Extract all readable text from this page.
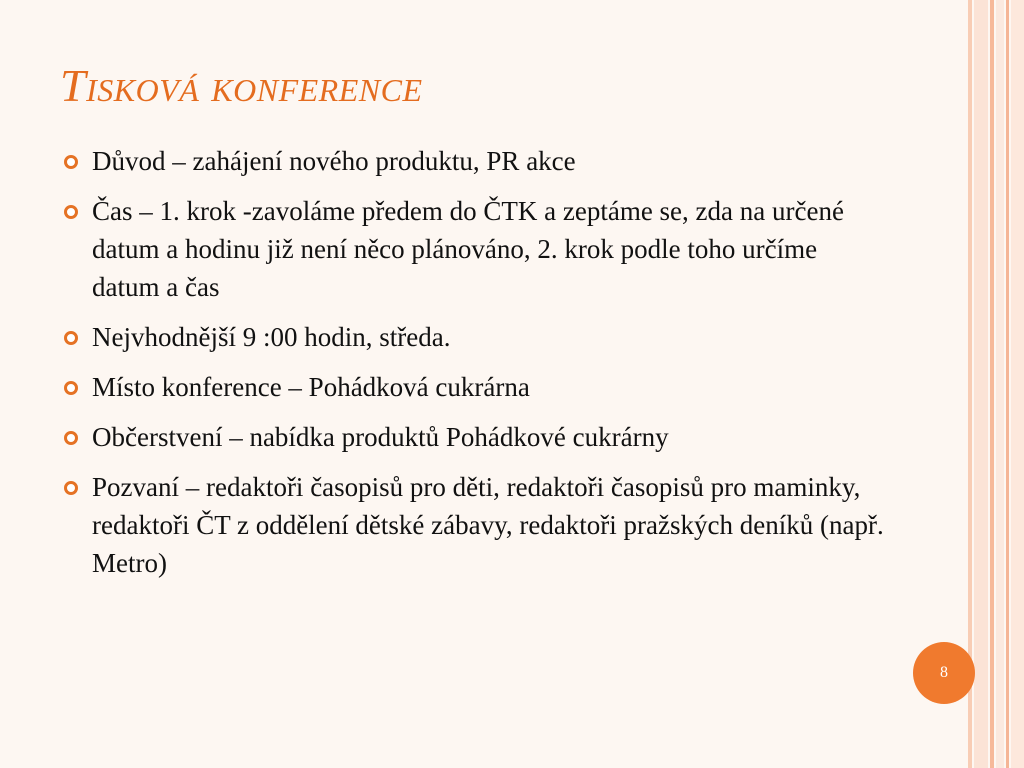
Tisková konference
Důvod – zahájení nového produktu, PR akce
Čas – 1. krok -zavoláme předem do ČTK a zeptáme se, zda na určené datum a hodinu již není něco plánováno, 2. krok podle toho určíme datum a čas
Nejvhodnější 9 :00 hodin, středa.
Místo konference – Pohádková cukrárna
Občerstvení – nabídka produktů Pohádkové cukrárny
Pozvaní – redaktoři časopisů pro děti, redaktoři časopisů pro maminky, redaktoři ČT z oddělení dětské zábavy, redaktoři pražských deníků (např. Metro)
8
